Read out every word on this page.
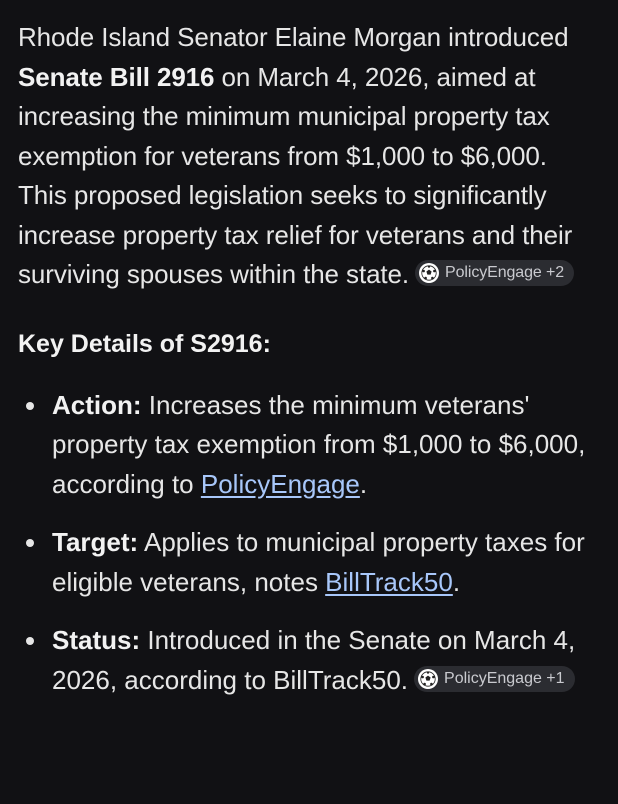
Rhode Island Senator Elaine Morgan introduced Senate Bill 2916 on March 4, 2026, aimed at increasing the minimum municipal property tax exemption for veterans from $1,000 to $6,000. This proposed legislation seeks to significantly increase property tax relief for veterans and their surviving spouses within the state. PolicyEngage +2

Key Details of S2916:
Action: Increases the minimum veterans' property tax exemption from $1,000 to $6,000, according to PolicyEngage.
Target: Applies to municipal property taxes for eligible veterans, notes BillTrack50.
Status: Introduced in the Senate on March 4, 2026, according to BillTrack50. PolicyEngage +1
